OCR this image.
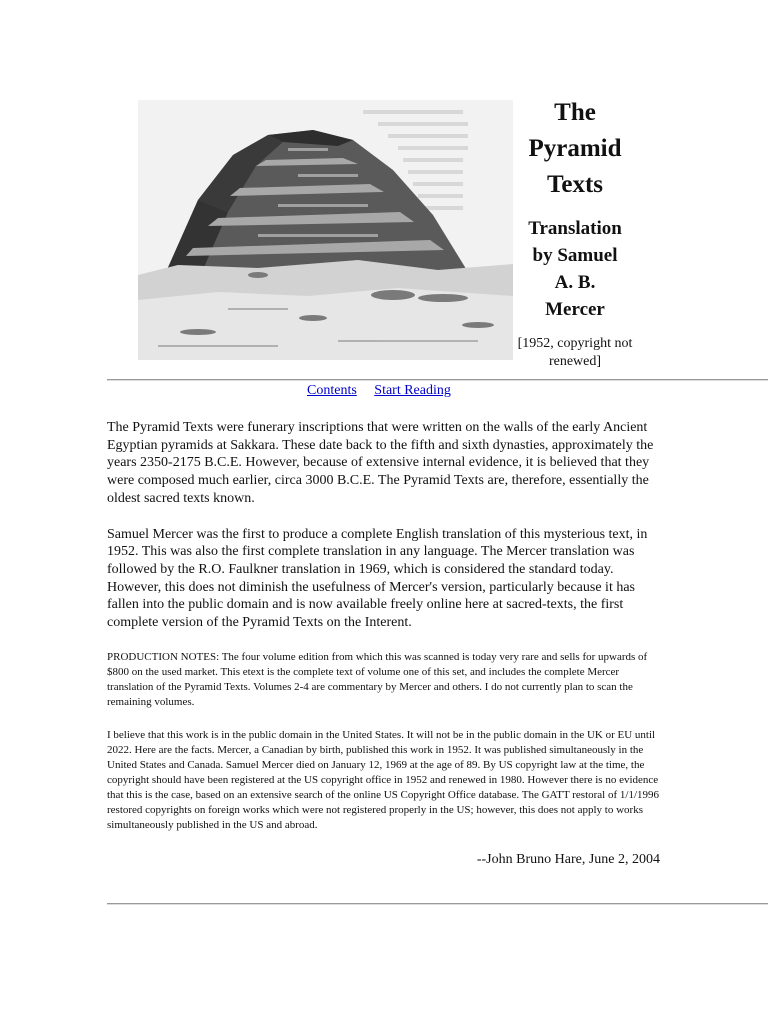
The
Pyramid
Texts
Translation
by Samuel
A. B.
Mercer

[1952, copyright not renewed]

Contents Start Reading

The Pyramid Texts were funerary inscriptions that were written on the walls of the early Ancient Egyptian pyramids at Sakkara. These date back to the fifth and sixth dynasties, approximately the years 2350-2175 B.C.E. However, because of extensive internal evidence, it is believed that they were composed much earlier, circa 3000 B.C.E. The Pyramid Texts are, therefore, essentially the oldest sacred texts known.

Samuel Mercer was the first to produce a complete English translation of this mysterious text, in 1952. This was also the first complete translation in any language. The Mercer translation was followed by the R.O. Faulkner translation in 1969, which is considered the standard today. However, this does not diminish the usefulness of Mercer's version, particularly because it has fallen into the public domain and is now available freely online here at sacred-texts, the first complete version of the Pyramid Texts on the Interent.

PRODUCTION NOTES: The four volume edition from which this was scanned is today very rare and sells for upwards of $800 on the used market. This etext is the complete text of volume one of this set, and includes the complete Mercer translation of the Pyramid Texts. Volumes 2-4 are commentary by Mercer and others. I do not currently plan to scan the remaining volumes.

I believe that this work is in the public domain in the United States. It will not be in the public domain in the UK or EU until 2022. Here are the facts. Mercer, a Canadian by birth, published this work in 1952. It was published simultaneously in the United States and Canada. Samuel Mercer died on January 12, 1969 at the age of 89. By US copyright law at the time, the copyright should have been registered at the US copyright office in 1952 and renewed in 1980. However there is no evidence that this is the case, based on an extensive search of the online US Copyright Office database. The GATT restoral of 1/1/1996 restored copyrights on foreign works which were not registered properly in the US; however, this does not apply to works simultaneously published in the US and abroad.

--John Bruno Hare, June 2, 2004
